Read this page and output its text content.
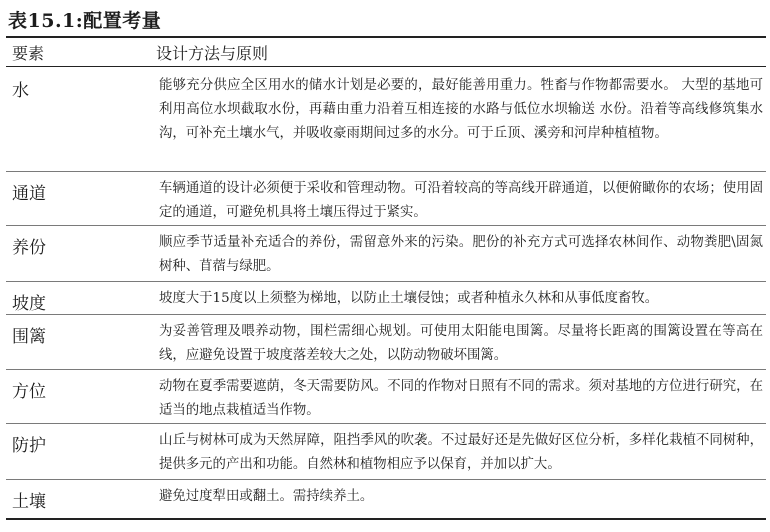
表15.1:配置考量
要素	设计方法与原则
水	能够充分供应全区用水的储水计划是必要的，最好能善用重力。牲畜与作物都需要水。 大型的基地可利用高位水坝截取水份，再藉由重力沿着互相连接的水路与低位水坝输送 水份。沿着等高线修筑集水沟，可补充土壤水气，并吸收豪雨期间过多的水分。可于丘顶、溪旁和河岸种植植物。
通道	车辆通道的设计必须便于采收和管理动物。可沿着较高的等高线开辟通道，以便俯瞰你的农场；使用固定的通道，可避免机具将土壤压得过于紧实。
养份	顺应季节适量补充适合的养份，需留意外来的污染。肥份的补充方式可选择农林间作、动物粪肥\固氮树种、苜蓿与绿肥。
坡度	坡度大于15度以上须整为梯地，以防止土壤侵蚀；或者种植永久林和从事低度畜牧。
围篱	为妥善管理及喂养动物，围栏需细心规划。可使用太阳能电围篱。尽量将长距离的围篱设置在等高在线，应避免设置于坡度落差较大之处，以防动物破坏围篱。
方位	动物在夏季需要遮荫，冬天需要防风。不同的作物对日照有不同的需求。须对基地的方位进行研究，在适当的地点栽植适当作物。
防护	山丘与树林可成为天然屏障，阻挡季风的吹袭。不过最好还是先做好区位分析，多样化栽植不同树种，提供多元的产出和功能。自然林和植物相应予以保育，并加以扩大。
土壤	避免过度犁田或翻土。需持续养土。
